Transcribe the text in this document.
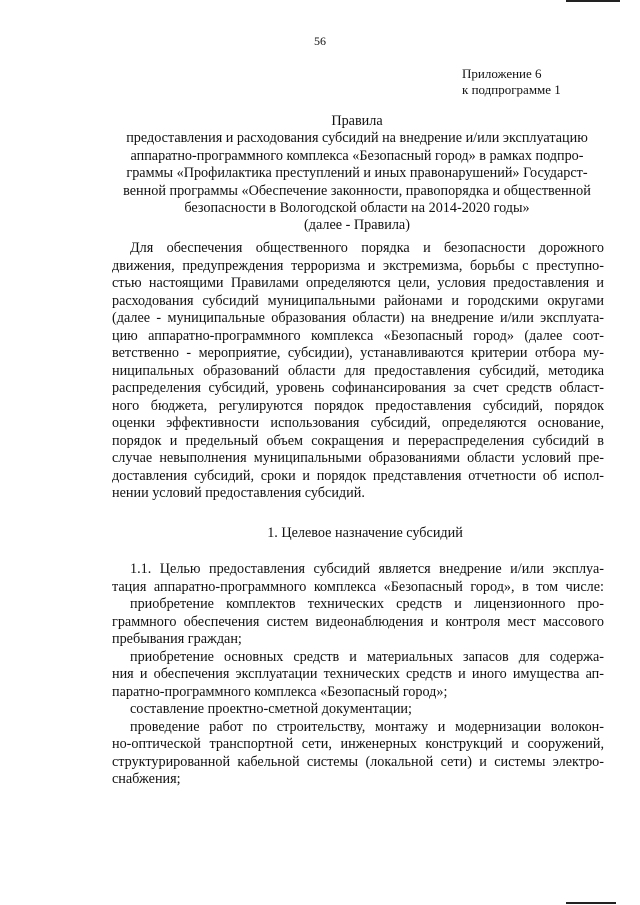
56
Приложение 6
к подпрограмме 1
Правила
предоставления и расходования субсидий на внедрение и/или эксплуатацию
аппаратно-программного комплекса «Безопасный город» в рамках подпро-
граммы «Профилактика преступлений и иных правонарушений» Государст-
венной программы «Обеспечение законности, правопорядка и общественной
безопасности в Вологодской области на 2014-2020 годы»
(далее - Правила)
Для обеспечения общественного порядка и безопасности дорожного
движения, предупреждения терроризма и экстремизма, борьбы с преступно-
стью настоящими Правилами определяются цели, условия предоставления и
расходования субсидий муниципальными районами и городскими округами
(далее - муниципальные образования области) на внедрение и/или эксплуата-
цию аппаратно-программного комплекса «Безопасный город» (далее соот-
ветственно - мероприятие, субсидии), устанавливаются критерии отбора му-
ниципальных образований области для предоставления субсидий, методика
распределения субсидий, уровень софинансирования за счет средств област-
ного бюджета, регулируются порядок предоставления субсидий, порядок
оценки эффективности использования субсидий, определяются основание,
порядок и предельный объем сокращения и перераспределения субсидий в
случае невыполнения муниципальными образованиями области условий пре-
доставления субсидий, сроки и порядок представления отчетности об испол-
нении условий предоставления субсидий.
1. Целевое назначение субсидий
1.1. Целью предоставления субсидий является внедрение и/или эксплуа-
тация аппаратно-программного комплекса «Безопасный город», в том числе:
приобретение комплектов технических средств и лицензионного про-
граммного обеспечения систем видеонаблюдения и контроля мест массового
пребывания граждан;
приобретение основных средств и материальных запасов для содержа-
ния и обеспечения эксплуатации технических средств и иного имущества ап-
паратно-программного комплекса «Безопасный город»;
составление проектно-сметной документации;
проведение работ по строительству, монтажу и модернизации волокон-
но-оптической транспортной сети, инженерных конструкций и сооружений,
структурированной кабельной системы (локальной сети) и системы электро-
снабжения;
